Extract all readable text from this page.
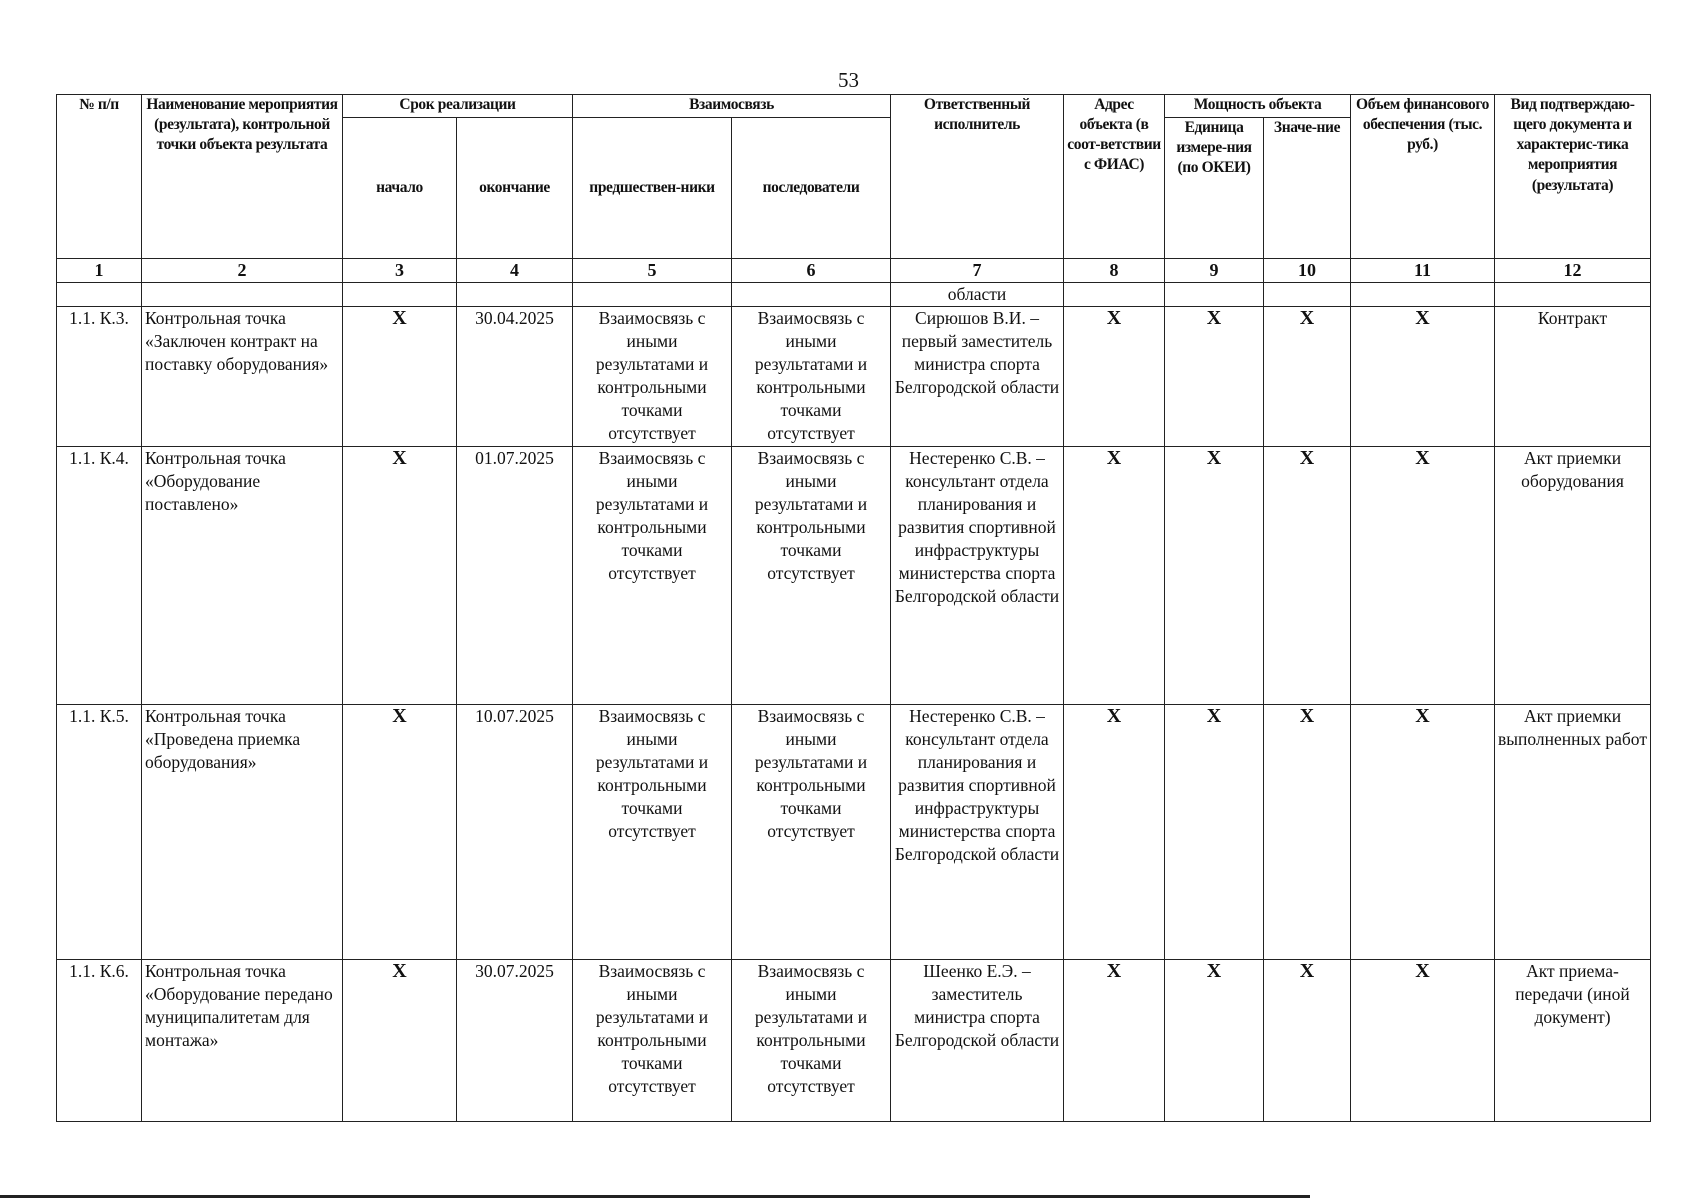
53
№ п/п	Наименование мероприятия (результата), контрольной точки объекта результата	Срок реализации		Взаимосвязь		Ответственный исполнитель	Адрес объекта (в соот-ветствии с ФИАС)	Мощность объекта		Объем финансового обеспечения (тыс. руб.)	Вид подтверждаю-щего документа и характерис-тика мероприятия (результата)
		начало	окончание	предшествен-ники	последователи			Единица измере-ния (по ОКЕИ)	Значе-ние		
1	2	3	4	5	6	7	8	9	10	11	12
						области					
1.1. К.3.	Контрольная точка «Заключен контракт на поставку оборудования»	X	30.04.2025	Взаимосвязь с иными результатами и контрольными точками отсутствует	Взаимосвязь с иными результатами и контрольными точками отсутствует	Сирюшов В.И. – первый заместитель министра спорта Белгородской области	X	X	X	X	Контракт
1.1. К.4.	Контрольная точка «Оборудование поставлено»	X	01.07.2025	Взаимосвязь с иными результатами и контрольными точками отсутствует	Взаимосвязь с иными результатами и контрольными точками отсутствует	Нестеренко С.В. – консультант отдела планирования и развития спортивной инфраструктуры министерства спорта Белгородской области	X	X	X	X	Акт приемки оборудования
1.1. К.5.	Контрольная точка «Проведена приемка оборудования»	X	10.07.2025	Взаимосвязь с иными результатами и контрольными точками отсутствует	Взаимосвязь с иными результатами и контрольными точками отсутствует	Нестеренко С.В. – консультант отдела планирования и развития спортивной инфраструктуры министерства спорта Белгородской области	X	X	X	X	Акт приемки выполненных работ
1.1. К.6.	Контрольная точка «Оборудование передано муниципалитетам для монтажа»	X	30.07.2025	Взаимосвязь с иными результатами и контрольными точками отсутствует	Взаимосвязь с иными результатами и контрольными точками отсутствует	Шеенко Е.Э. – заместитель министра спорта Белгородской области	X	X	X	X	Акт приема-передачи (иной документ)
